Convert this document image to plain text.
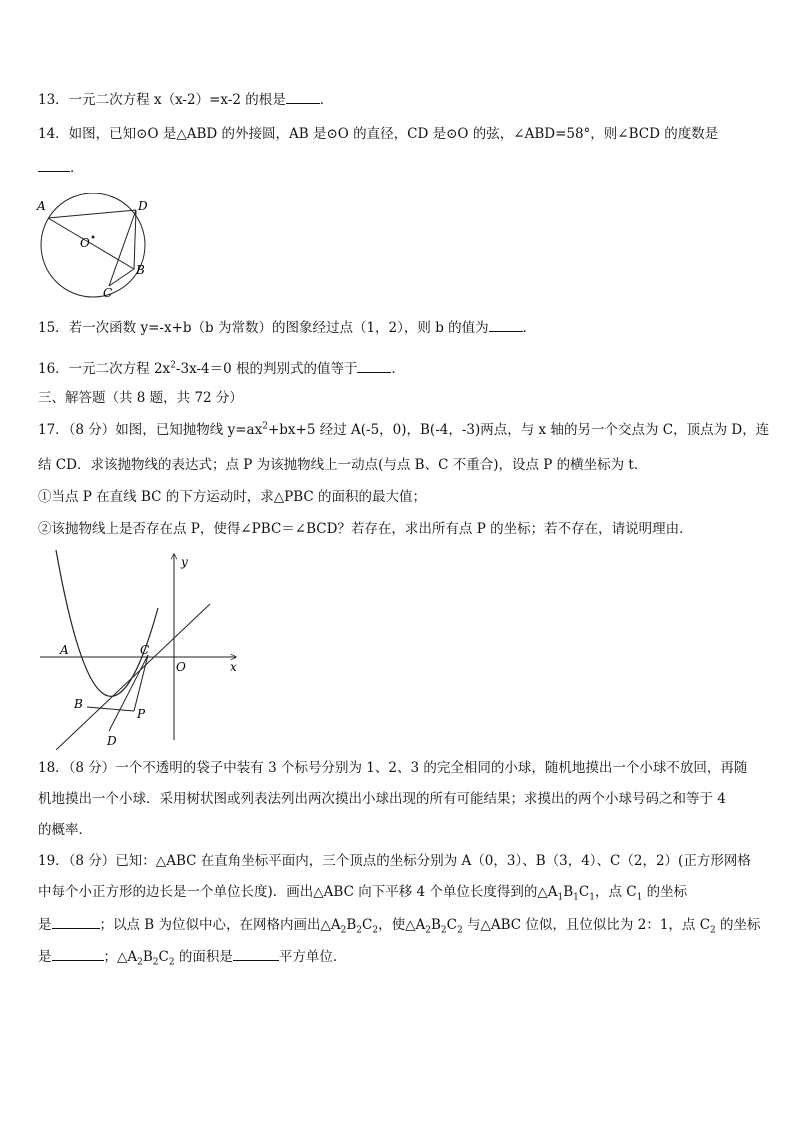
13．一元二次方程 x（x-2）=x-2 的根是	．
14．如图，已知⊙O 是△ABD 的外接圆，AB 是⊙O 的直径，CD 是⊙O 的弦，∠ABD=58°，则∠BCD 的度数是
．
A	D
O
B
C
15．若一次函数 y=-x+b（b 为常数）的图象经过点（1，2），则 b 的值为	．
16．一元二次方程 $2x^2-3x-4=0$ 根的判别式的值等于	．
三、解答题（共 8 题，共 72 分）
17．（8 分）如图，已知抛物线 $y=ax^2+bx+5$ 经过 A(-5，0)，B(-4，-3)两点，与 x 轴的另一个交点为 C，顶点为 D，连
结 CD．求该抛物线的表达式；点 P 为该抛物线上一动点(与点 B、C 不重合)，设点 P 的横坐标为 t．
①当点 P 在直线 BC 的下方运动时，求△PBC 的面积的最大值；
②该抛物线上是否存在点 P，使得∠PBC＝∠BCD？若存在，求出所有点 P 的坐标；若不存在，请说明理由．
y
x
A	C
O
B
P
D
18．（8 分）一个不透明的袋子中装有 3 个标号分别为 1、2、3 的完全相同的小球，随机地摸出一个小球不放回，再随
机地摸出一个小球．采用树状图或列表法列出两次摸出小球出现的所有可能结果；求摸出的两个小球号码之和等于 4
的概率．
19．（8 分）已知：△ABC 在直角坐标平面内，三个顶点的坐标分别为 A（0，3）、B（3，4）、C（2，2）(正方形网格
中每个小正方形的边长是一个单位长度)．画出△ABC 向下平移 4 个单位长度得到的$\triangle A_1B_1C_1$，点 $C_1$ 的坐标
是	；以点 B 为位似中心，在网格内画出$\triangle A_2B_2C_2$，使$\triangle A_2B_2C_2$ 与△ABC 位似，且位似比为 2：1，点 $C_2$ 的坐标
是	；$\triangle A_2B_2C_2$ 的面积是	平方单位．
